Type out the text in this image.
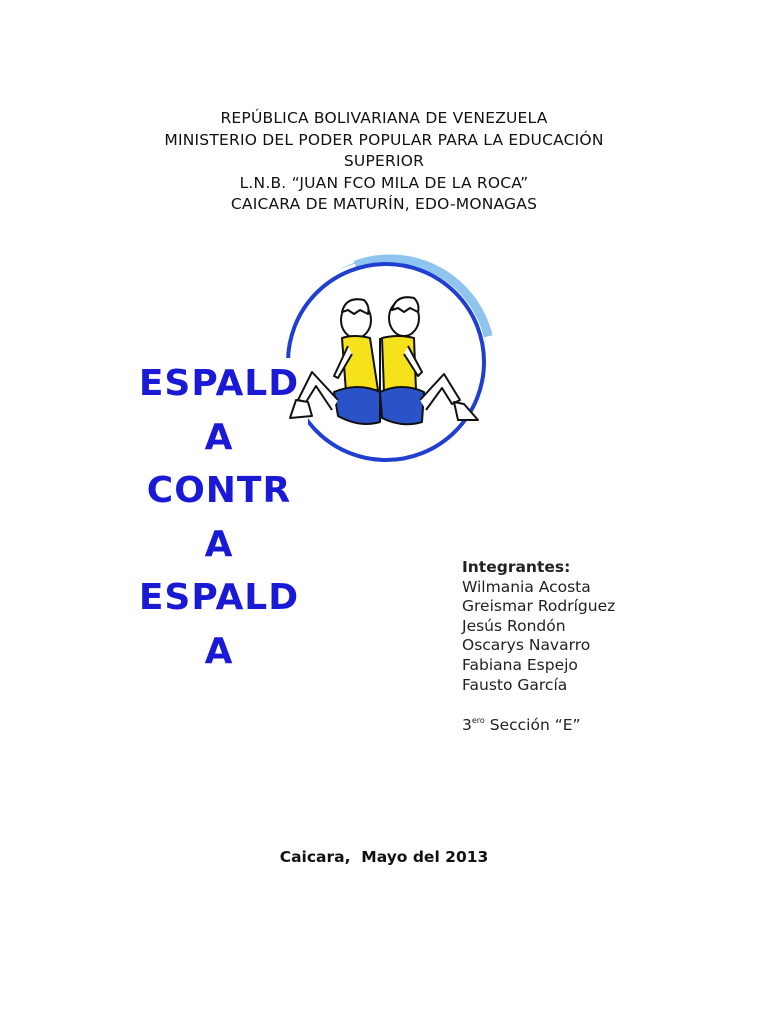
REPÚBLICA BOLIVARIANA DE VENEZUELA
MINISTERIO DEL PODER POPULAR PARA LA EDUCACIÓN
SUPERIOR
L.N.B. “JUAN FCO MILA DE LA ROCA”
CAICARA DE MATURÍN, EDO-MONAGAS
ESPALD
A
CONTR
A
ESPALD
A
Integrantes:
Wilmania Acosta
Greismar Rodríguez
Jesús Rondón
Oscarys Navarro
Fabiana Espejo
Fausto García
$3^{ero}$ Sección “E”
Caicara,  Mayo del 2013
